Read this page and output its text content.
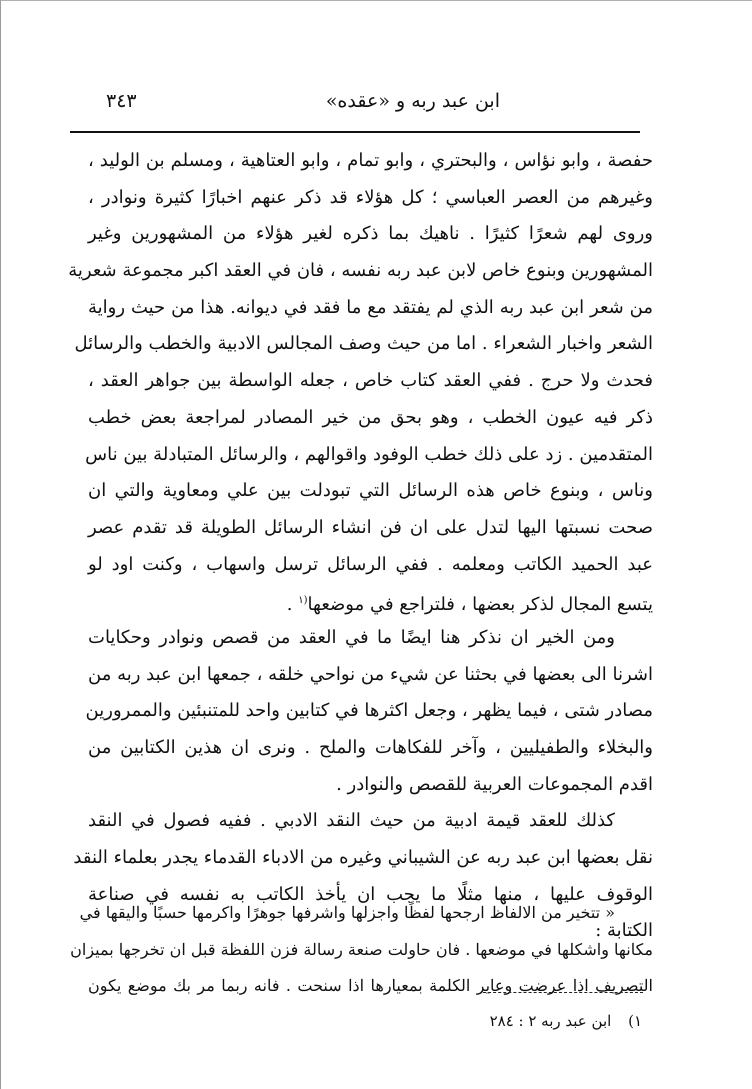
ابن عبد ربه و «عقده»
٣٤٣
حفصة ، وابو نؤاس ، والبحتري ، وابو تمام ، وابو العتاهية ، ومسلم بن الوليد ،
وغيرهم من العصر العباسي ؛ كل هؤلاء قد ذكر عنهم اخبارًا كثيرة ونوادر ،
وروى لهم شعرًا كثيرًا . ناهيك بما ذكره لغير هؤلاء من المشهورين وغير
المشهورين وبنوع خاص لابن عبد ربه نفسه ، فان في العقد اكبر مجموعة شعرية
من شعر ابن عبد ربه الذي لم يفتقد مع ما فقد في ديوانه. هذا من حيث رواية
الشعر واخبار الشعراء . اما من حيث وصف المجالس الادبية والخطب والرسائل
فحدث ولا حرج . ففي العقد كتاب خاص ، جعله الواسطة بين جواهر العقد ،
ذكر فيه عيون الخطب ، وهو بحق من خير المصادر لمراجعة بعض خطب
المتقدمين . زد على ذلك خطب الوفود واقوالهم ، والرسائل المتبادلة بين ناس
وناس ، وبنوع خاص هذه الرسائل التي تبودلت بين علي ومعاوية والتي ان
صحت نسبتها اليها لتدل على ان فن انشاء الرسائل الطويلة قد تقدم عصر
عبد الحميد الكاتب ومعلمه . ففي الرسائل ترسل واسهاب ، وكنت اود لو
يتسع المجال لذكر بعضها ، فلتراجع في موضعها$^{(١}$ .
ومن الخير ان نذكر هنا ايضًا ما في العقد من قصص ونوادر وحكايات
اشرنا الى بعضها في بحثنا عن شيء من نواحي خلقه ، جمعها ابن عبد ربه من
مصادر شتى ، فيما يظهر ، وجعل اكثرها في كتابين واحد للمتنبئين والممرورين
والبخلاء والطفيليين ، وآخر للفكاهات والملح . ونرى ان هذين الكتابين من
اقدم المجموعات العربية للقصص والنوادر .
كذلك للعقد قيمة ادبية من حيث النقد الادبي . ففيه فصول في النقد
نقل بعضها ابن عبد ربه عن الشيباني وغيره من الادباء القدماء يجدر بعلماء النقد
الوقوف عليها ، منها مثلًا ما يجب ان يأخذ الكاتب به نفسه في صناعة
الكتابة :
« تتخير من الالفاظ ارجحها لفظًا واجزلها واشرفها جوهرًا واكرمها حسبًا واليقها في
مكانها واشكلها في موضعها . فان حاولت صنعة رسالة فزن اللفظة قبل ان تخرجها بميزان
التصريف اذا عرضت وعاير الكلمة بمعيارها اذا سنحت . فانه ربما مر بك موضع يكون
١) ابن عبد ربه ٢ : ٢٨٤
